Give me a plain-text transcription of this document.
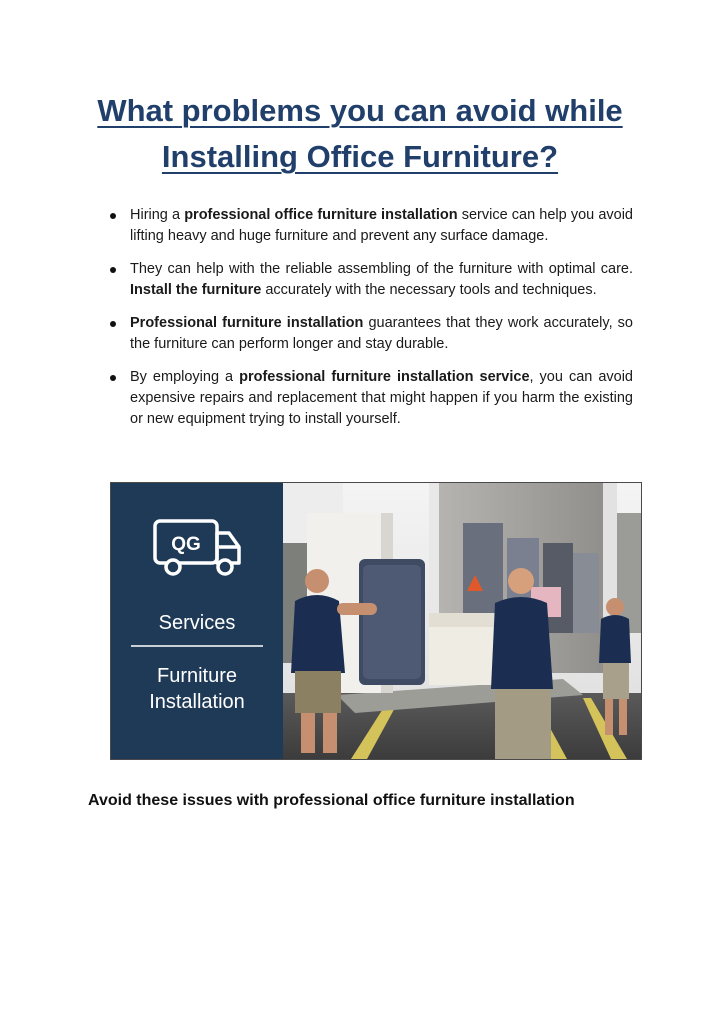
What problems you can avoid while
Installing Office Furniture?
Hiring a professional office furniture installation service can help you avoid lifting heavy and huge furniture and prevent any surface damage.
They can help with the reliable assembling of the furniture with optimal care. Install the furniture accurately with the necessary tools and techniques.
Professional furniture installation guarantees that they work accurately, so the furniture can perform longer and stay durable.
By employing a professional furniture installation service, you can avoid expensive repairs and replacement that might happen if you harm the existing or new equipment trying to install yourself.
QG
Services
Furniture
Installation
Avoid these issues with professional office furniture installation
